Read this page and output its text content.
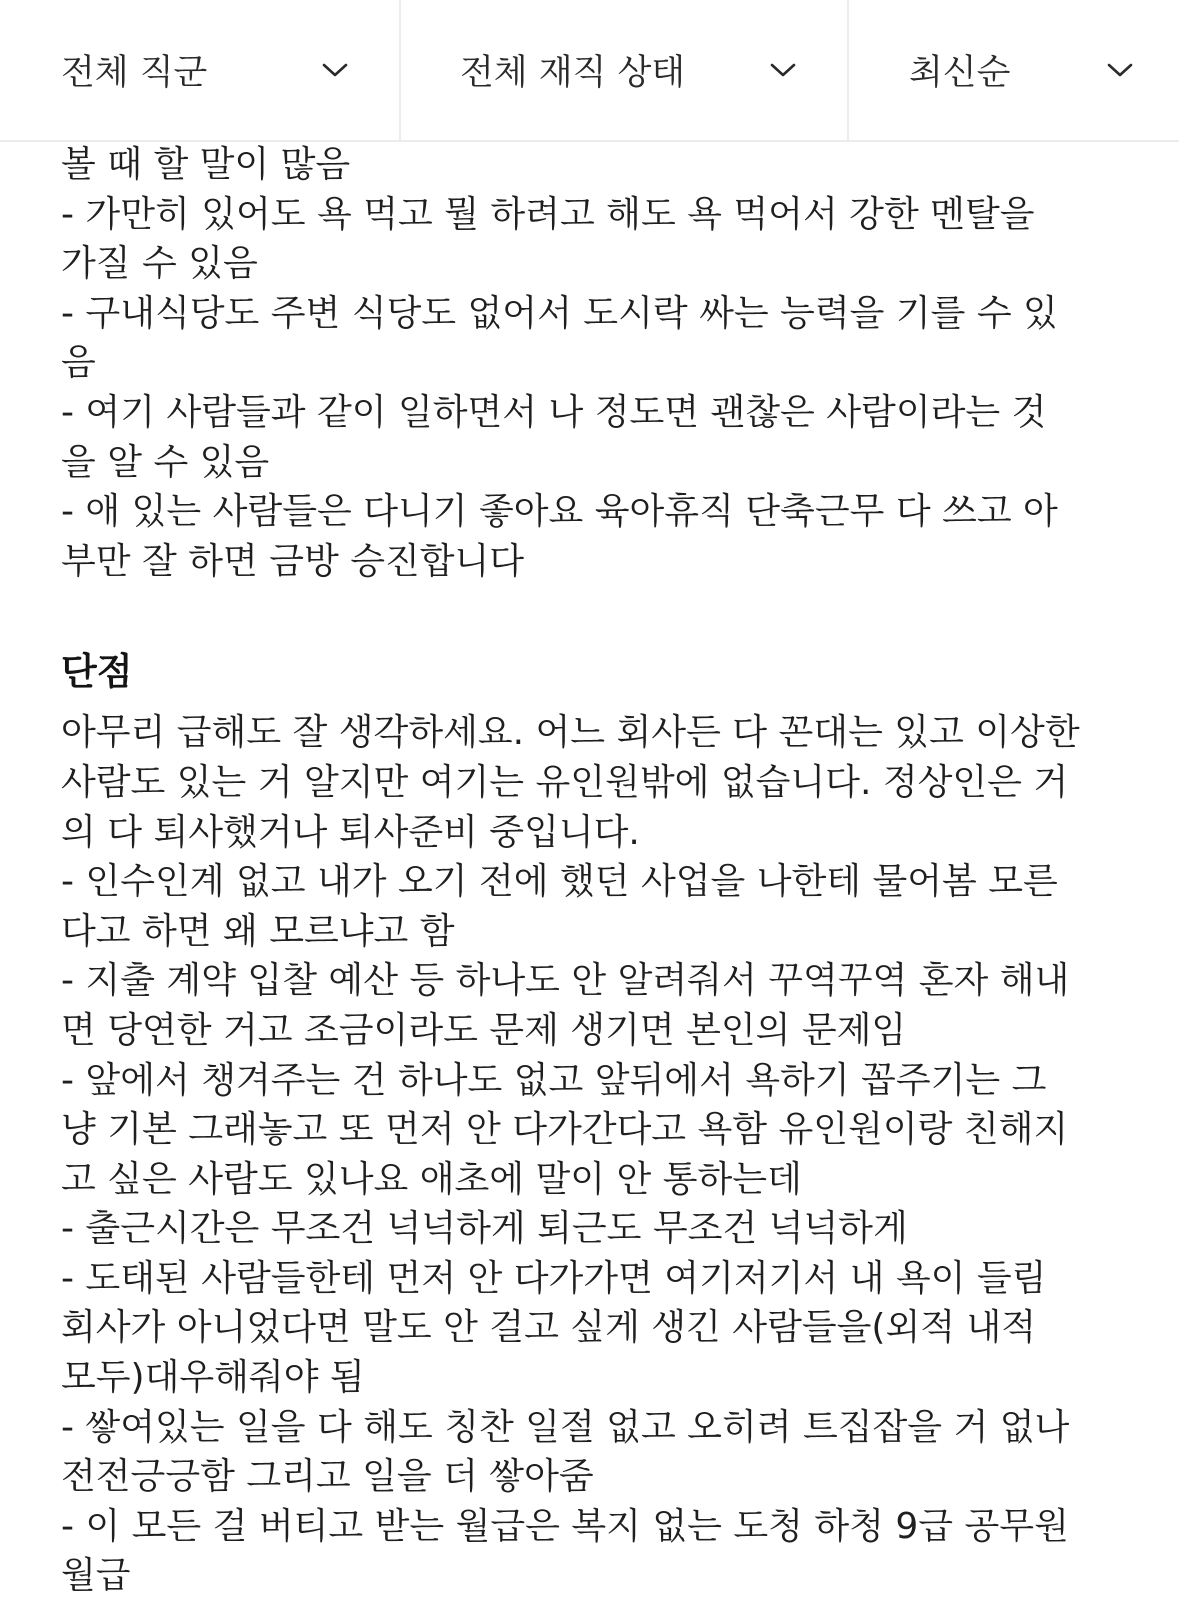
전체 직군	전체 재직 상태	최신순

볼 때 할 말이 많음

- 가만히 있어도 욕 먹고 뭘 하려고 해도 욕 먹어서 강한 멘탈을

가질 수 있음

- 구내식당도 주변 식당도 없어서 도시락 싸는 능력을 기를 수 있

음

- 여기 사람들과 같이 일하면서 나 정도면 괜찮은 사람이라는 것

을 알 수 있음

- 애 있는 사람들은 다니기 좋아요 육아휴직 단축근무 다 쓰고 아

부만 잘 하면 금방 승진합니다

단점

아무리 급해도 잘 생각하세요. 어느 회사든 다 꼰대는 있고 이상한

사람도 있는 거 알지만 여기는 유인원밖에 없습니다. 정상인은 거

의 다 퇴사했거나 퇴사준비 중입니다.

- 인수인계 없고 내가 오기 전에 했던 사업을 나한테 물어봄 모른

다고 하면 왜 모르냐고 함

- 지출 계약 입찰 예산 등 하나도 안 알려줘서 꾸역꾸역 혼자 해내

면 당연한 거고 조금이라도 문제 생기면 본인의 문제임

- 앞에서 챙겨주는 건 하나도 없고 앞뒤에서 욕하기 꼽주기는 그

냥 기본 그래놓고 또 먼저 안 다가간다고 욕함 유인원이랑 친해지

고 싶은 사람도 있나요 애초에 말이 안 통하는데

- 출근시간은 무조건 넉넉하게 퇴근도 무조건 넉넉하게

- 도태된 사람들한테 먼저 안 다가가면 여기저기서 내 욕이 들림

회사가 아니었다면 말도 안 걸고 싶게 생긴 사람들을(외적 내적

모두)대우해줘야 됨

- 쌓여있는 일을 다 해도 칭찬 일절 없고 오히려 트집잡을 거 없나

전전긍긍함 그리고 일을 더 쌓아줌

- 이 모든 걸 버티고 받는 월급은 복지 없는 도청 하청 9급 공무원

월급
